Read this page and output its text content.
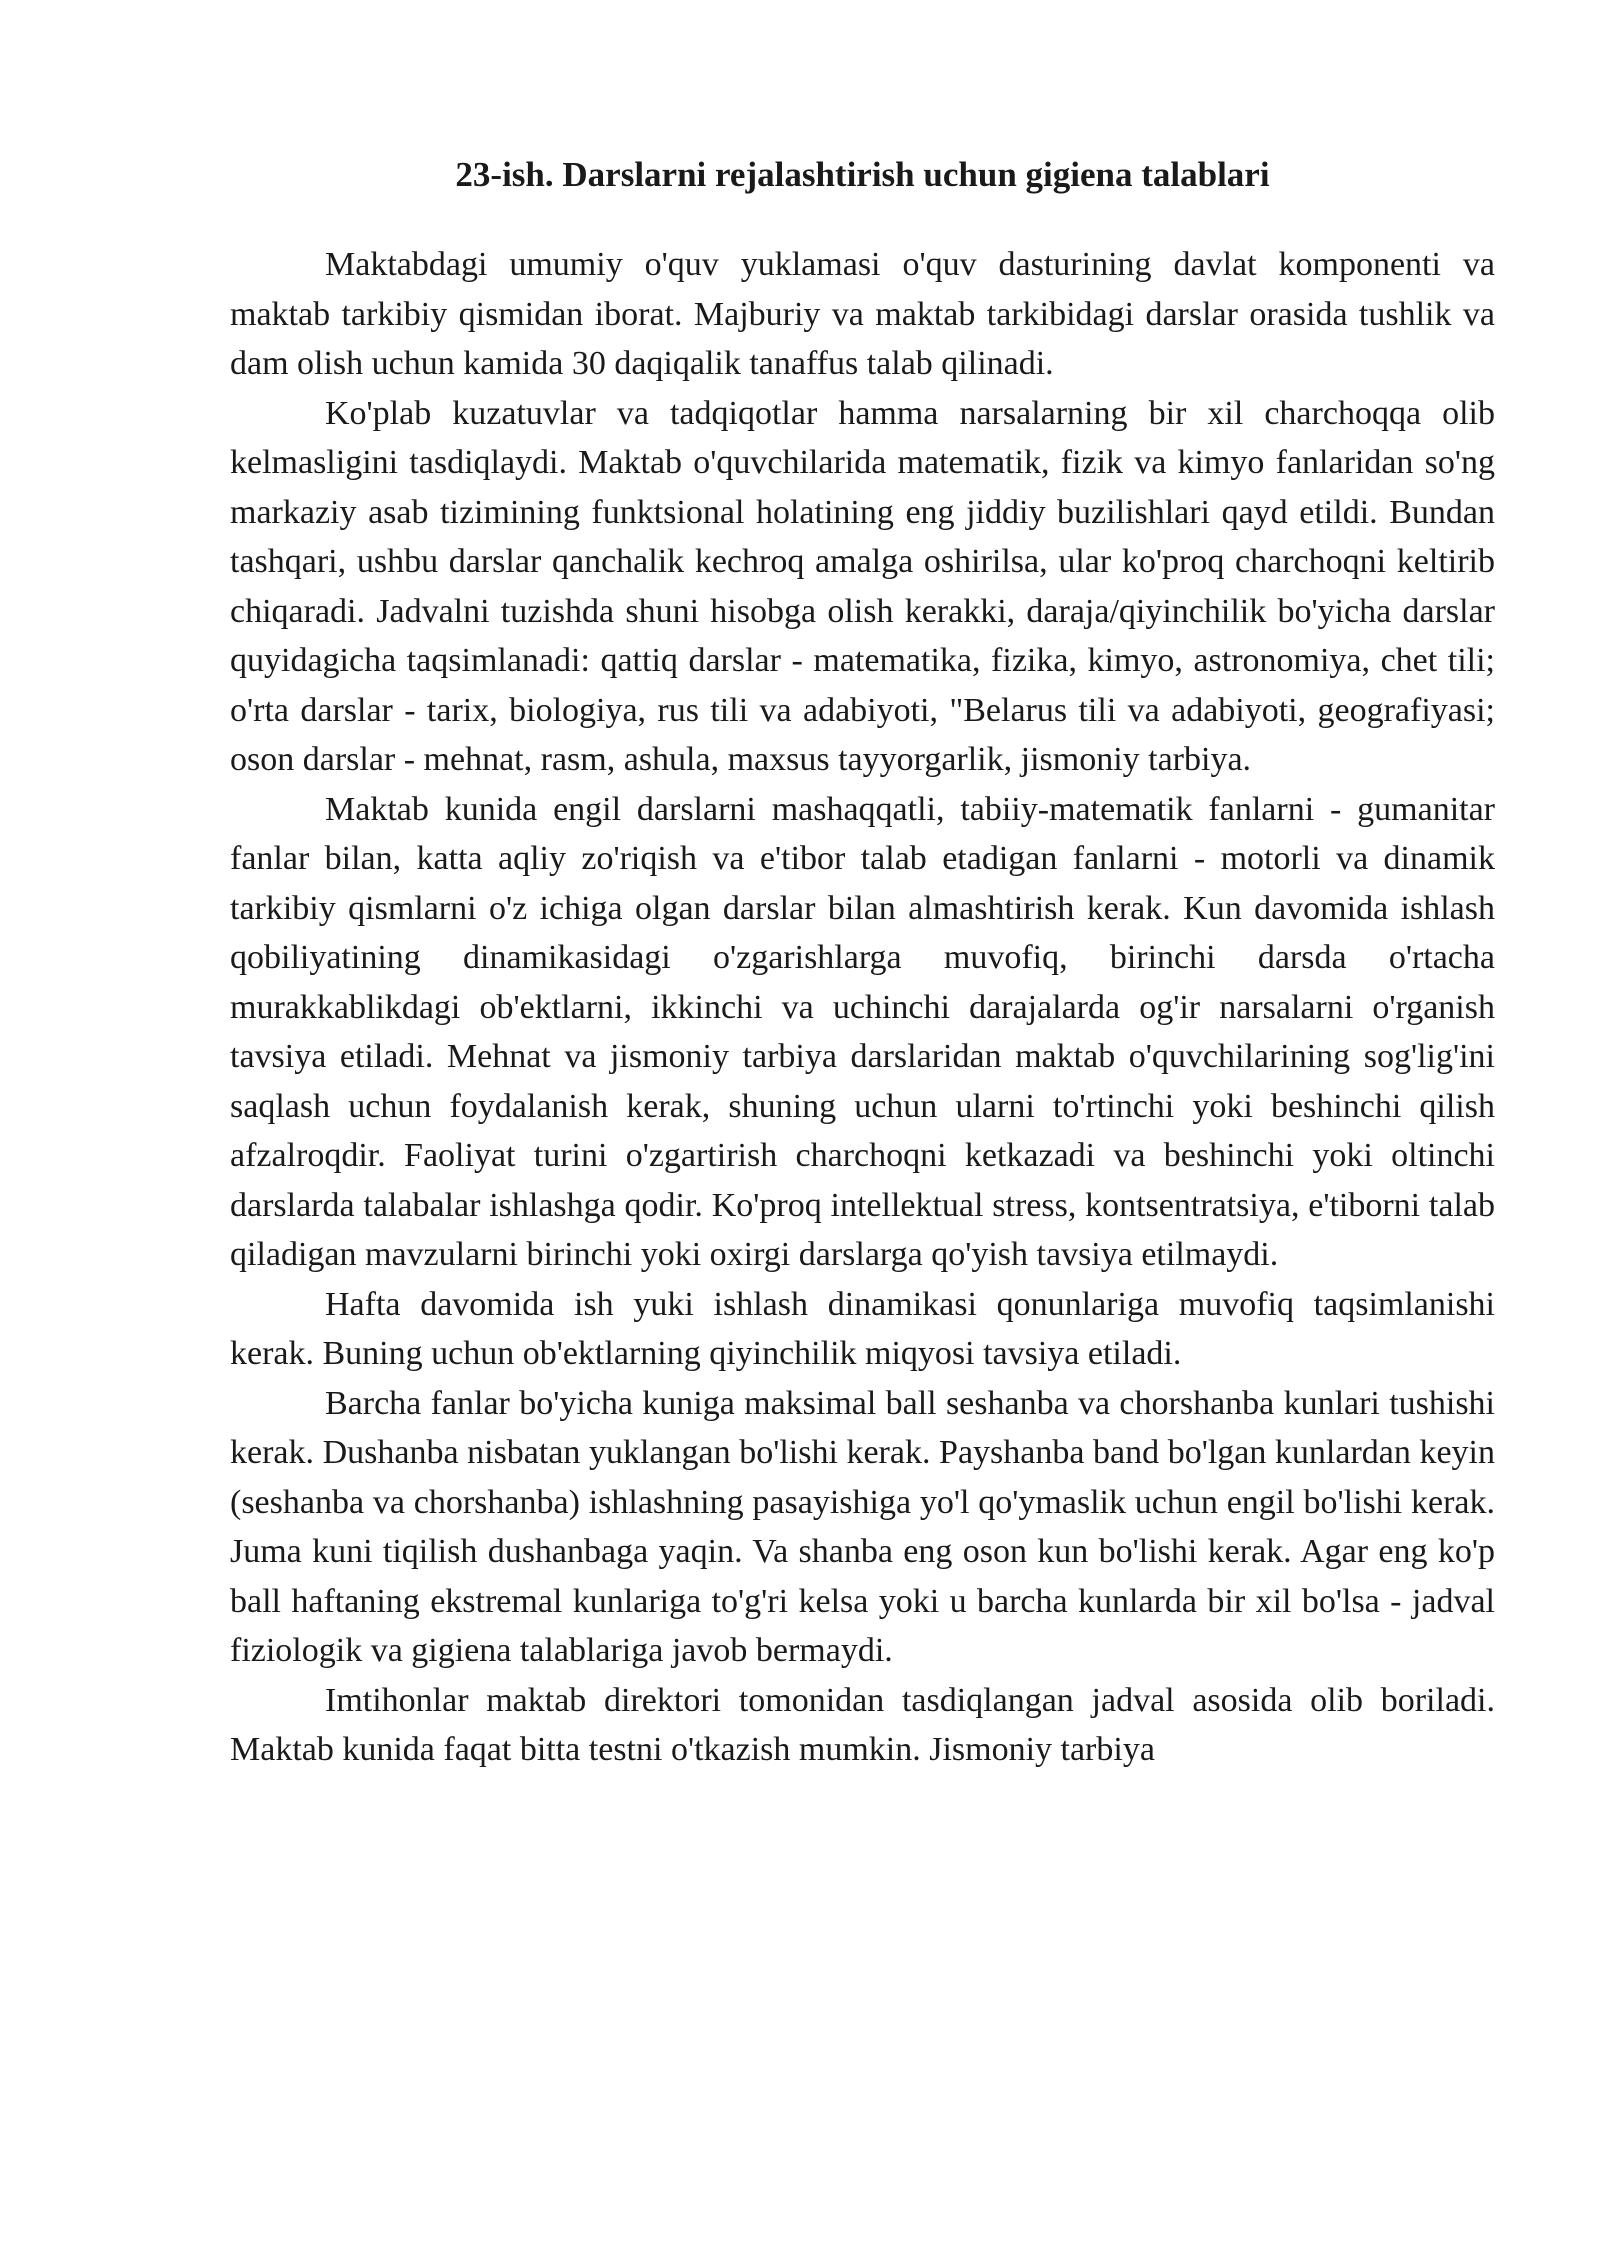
23-ish. Darslarni rejalashtirish uchun gigiena talablari

Maktabdagi umumiy o'quv yuklamasi o'quv dasturining davlat komponenti va maktab tarkibiy qismidan iborat. Majburiy va maktab tarkibidagi darslar orasida tushlik va dam olish uchun kamida 30 daqiqalik tanaffus talab qilinadi.

Ko'plab kuzatuvlar va tadqiqotlar hamma narsalarning bir xil charchoqqa olib kelmasligini tasdiqlaydi. Maktab o'quvchilarida matematik, fizik va kimyo fanlaridan so'ng markaziy asab tizimining funktsional holatining eng jiddiy buzilishlari qayd etildi. Bundan tashqari, ushbu darslar qanchalik kechroq amalga oshirilsa, ular ko'proq charchoqni keltirib chiqaradi. Jadvalni tuzishda shuni hisobga olish kerakki, daraja/qiyinchilik bo'yicha darslar quyidagicha taqsimlanadi: qattiq darslar - matematika, fizika, kimyo, astronomiya, chet tili; o'rta darslar - tarix, biologiya, rus tili va adabiyoti, "Belarus tili va adabiyoti, geografiyasi; oson darslar - mehnat, rasm, ashula, maxsus tayyorgarlik, jismoniy tarbiya.

Maktab kunida engil darslarni mashaqqatli, tabiiy-matematik fanlarni - gumanitar fanlar bilan, katta aqliy zo'riqish va e'tibor talab etadigan fanlarni - motorli va dinamik tarkibiy qismlarni o'z ichiga olgan darslar bilan almashtirish kerak. Kun davomida ishlash qobiliyatining dinamikasidagi o'zgarishlarga muvofiq, birinchi darsda o'rtacha murakkablikdagi ob'ektlarni, ikkinchi va uchinchi darajalarda og'ir narsalarni o'rganish tavsiya etiladi. Mehnat va jismoniy tarbiya darslaridan maktab o'quvchilarining sog'lig'ini saqlash uchun foydalanish kerak, shuning uchun ularni to'rtinchi yoki beshinchi qilish afzalroqdir. Faoliyat turini o'zgartirish charchoqni ketkazadi va beshinchi yoki oltinchi darslarda talabalar ishlashga qodir. Ko'proq intellektual stress, kontsentratsiya, e'tiborni talab qiladigan mavzularni birinchi yoki oxirgi darslarga qo'yish tavsiya etilmaydi.

Hafta davomida ish yuki ishlash dinamikasi qonunlariga muvofiq taqsimlanishi kerak. Buning uchun ob'ektlarning qiyinchilik miqyosi tavsiya etiladi.

Barcha fanlar bo'yicha kuniga maksimal ball seshanba va chorshanba kunlari tushishi kerak. Dushanba nisbatan yuklangan bo'lishi kerak. Payshanba band bo'lgan kunlardan keyin (seshanba va chorshanba) ishlashning pasayishiga yo'l qo'ymaslik uchun engil bo'lishi kerak. Juma kuni tiqilish dushanbaga yaqin. Va shanba eng oson kun bo'lishi kerak. Agar eng ko'p ball haftaning ekstremal kunlariga to'g'ri kelsa yoki u barcha kunlarda bir xil bo'lsa - jadval fiziologik va gigiena talablariga javob bermaydi.

Imtihonlar maktab direktori tomonidan tasdiqlangan jadval asosida olib boriladi. Maktab kunida faqat bitta testni o'tkazish mumkin. Jismoniy tarbiya
